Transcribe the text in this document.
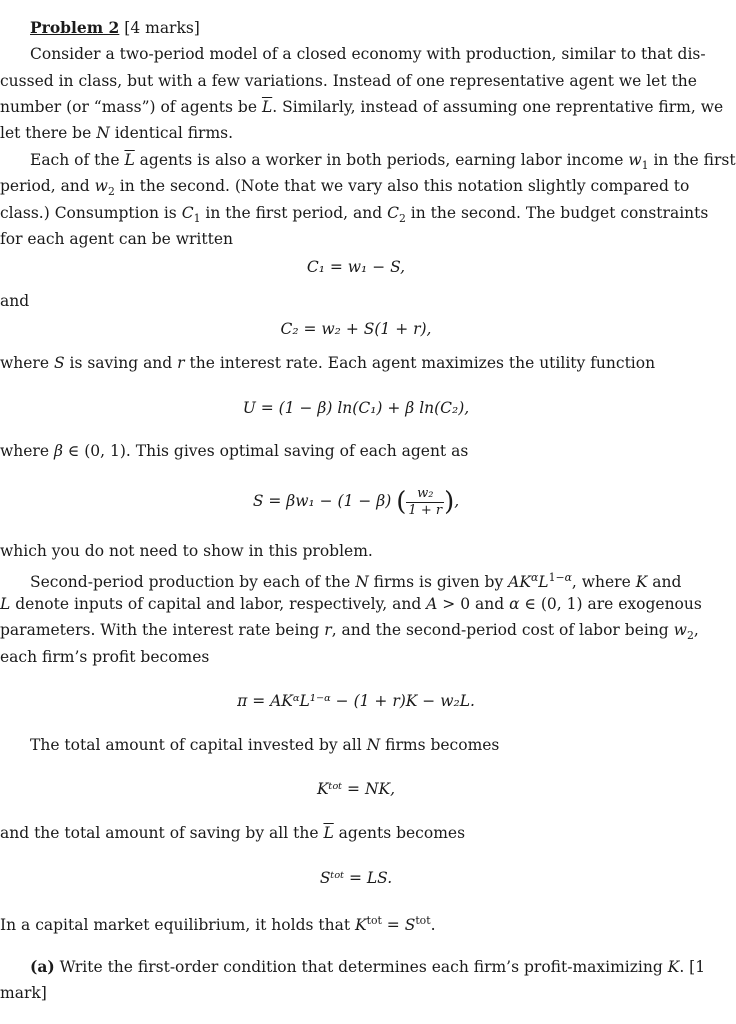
Problem 2 [4 marks]
Consider a two-period model of a closed economy with production, similar to that dis-
cussed in class, but with a few variations. Instead of one representative agent we let the
number (or “mass”) of agents be $\overline{L}$. Similarly, instead of assuming one reprentative firm, we
let there be N identical firms.
Each of the $\overline{L}$ agents is also a worker in both periods, earning labor income $w_1$ in the first
period, and $w_2$ in the second. (Note that we vary also this notation slightly compared to
class.) Consumption is $C_1$ in the first period, and $C_2$ in the second. The budget constraints
for each agent can be written
C₁ = w₁ − S,
and
C₂ = w₂ + S(1 + r),
where S is saving and r the interest rate. Each agent maximizes the utility function
U = (1 − β) ln(C₁) + β ln(C₂),
where β ∈ (0, 1). This gives optimal saving of each agent as
S = βw₁ − (1 − β) ( $\frac{\text{w₂}}{1 + r}$ ),
which you do not need to show in this problem.
Second-period production by each of the N firms is given by $AK^\alpha L^{1-\alpha}$, where K and
L denote inputs of capital and labor, respectively, and A > 0 and α ∈ (0, 1) are exogenous
parameters. With the interest rate being r, and the second-period cost of labor being $w_2$,
each firm’s profit becomes
π = AKᵅL¹⁻ᵅ − (1 + r)K − w₂L.
The total amount of capital invested by all N firms becomes
Kᵗᵒᵗ = NK,
and the total amount of saving by all the $\overline{L}$ agents becomes
Sᵗᵒᵗ = LS.
In a capital market equilibrium, it holds that $K^{tot} = S^{tot}$.
(a) Write the first-order condition that determines each firm’s profit-maximizing K. [1
mark]
